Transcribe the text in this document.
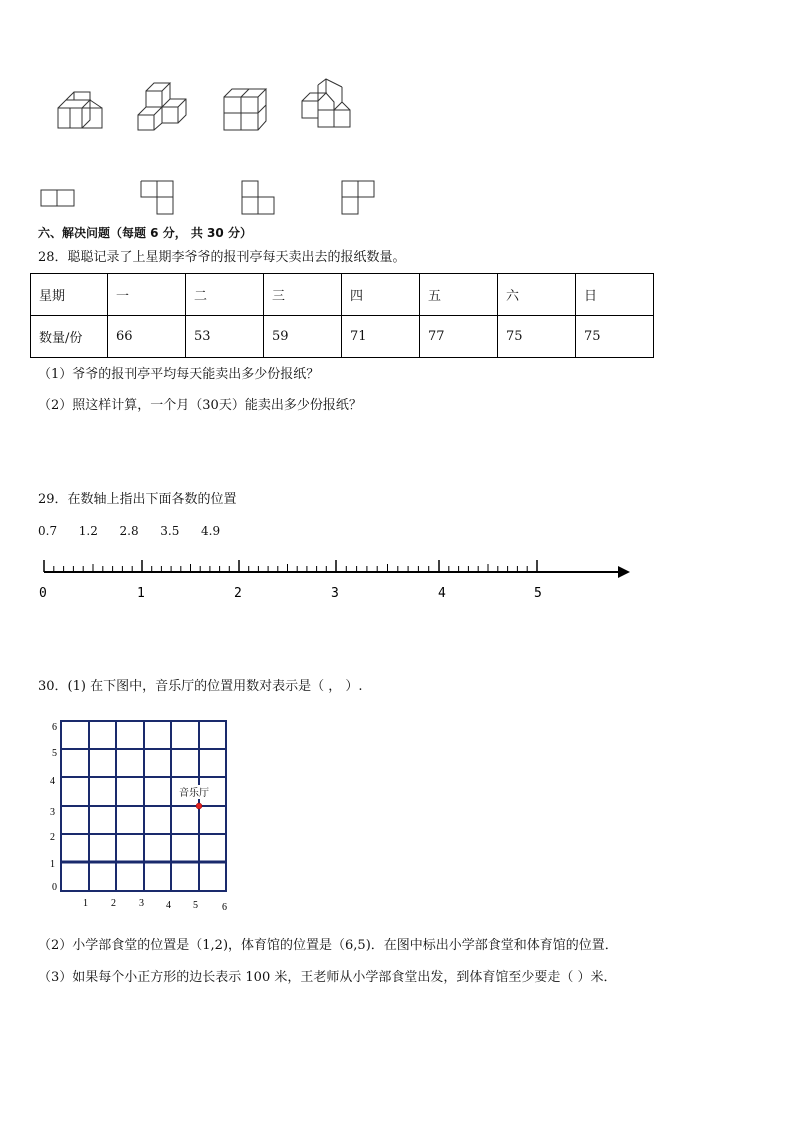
六、解决问题（每题 6 分， 共 30 分）
28．聪聪记录了上星期李爷爷的报刊亭每天卖出去的报纸数量。
星期	一	二	三	四	五	六	日
数量/份	66	53	59	71	77	75	75
（1）爷爷的报刊亭平均每天能卖出多少份报纸？
（2）照这样计算，一个月（30天）能卖出多少份报纸？
29．在数轴上指出下面各数的位置
0.7 1.2 2.8 3.5 4.9
0	1	2	3	4	5
30．(1) 在下图中，音乐厅的位置用数对表示是（ ， ）.
6
5
4
3
2
1
0
1 2 3 4 5 6
音乐厅
（2）小学部食堂的位置是（1,2)，体育馆的位置是（6,5)．在图中标出小学部食堂和体育馆的位置．
（3）如果每个小正方形的边长表示 100 米，王老师从小学部食堂出发，到体育馆至少要走（ ）米．
